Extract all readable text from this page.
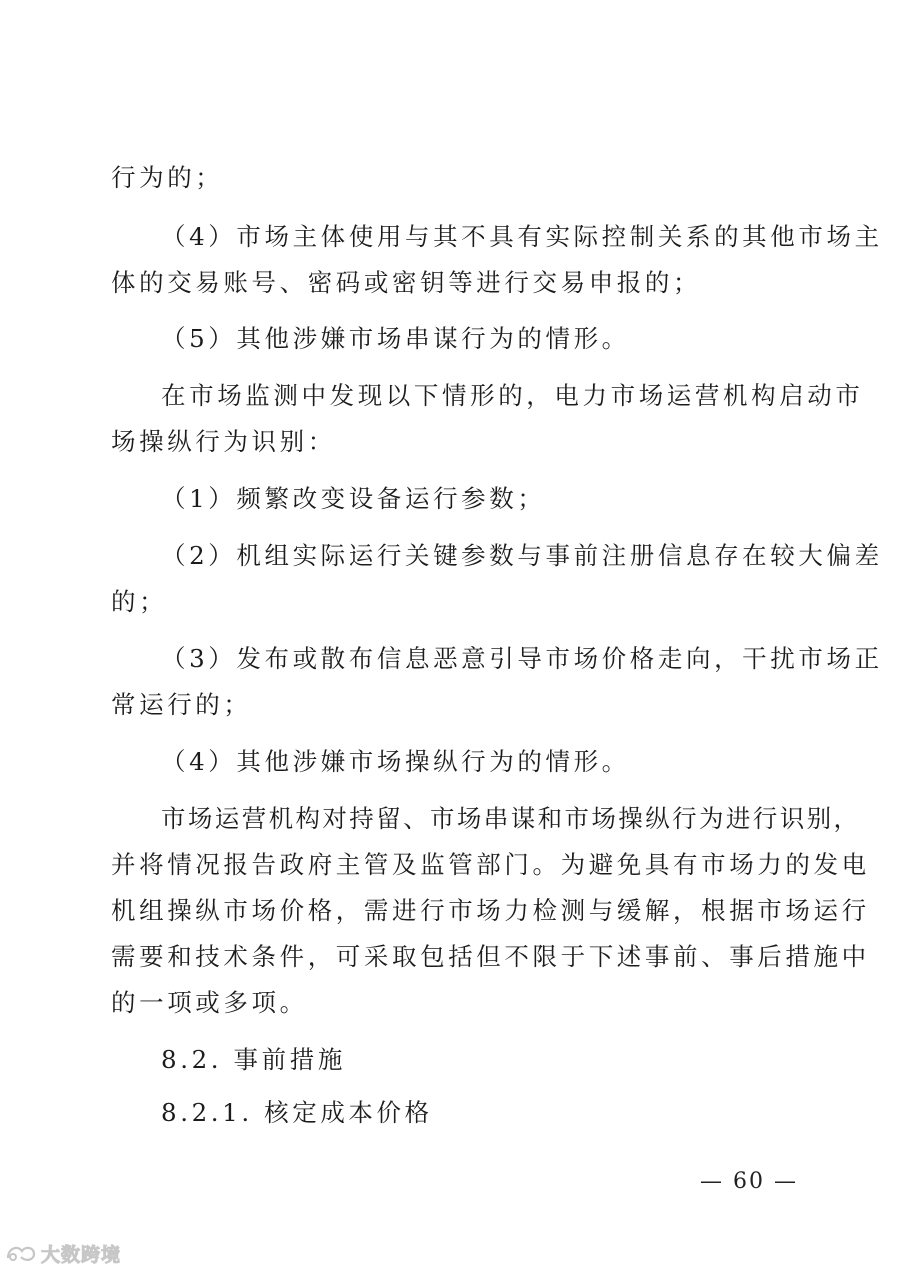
行为的；

（4）市场主体使用与其不具有实际控制关系的其他市场主

体的交易账号、密码或密钥等进行交易申报的；

（5）其他涉嫌市场串谋行为的情形。

在市场监测中发现以下情形的，电力市场运营机构启动市

场操纵行为识别：

（1）频繁改变设备运行参数；

（2）机组实际运行关键参数与事前注册信息存在较大偏差

的；

（3）发布或散布信息恶意引导市场价格走向，干扰市场正

常运行的；

（4）其他涉嫌市场操纵行为的情形。

市场运营机构对持留、市场串谋和市场操纵行为进行识别，

并将情况报告政府主管及监管部门。为避免具有市场力的发电

机组操纵市场价格，需进行市场力检测与缓解，根据市场运行

需要和技术条件，可采取包括但不限于下述事前、事后措施中

的一项或多项。

8.2. 事前措施

8.2.1. 核定成本价格

— 60 —
大数跨境
